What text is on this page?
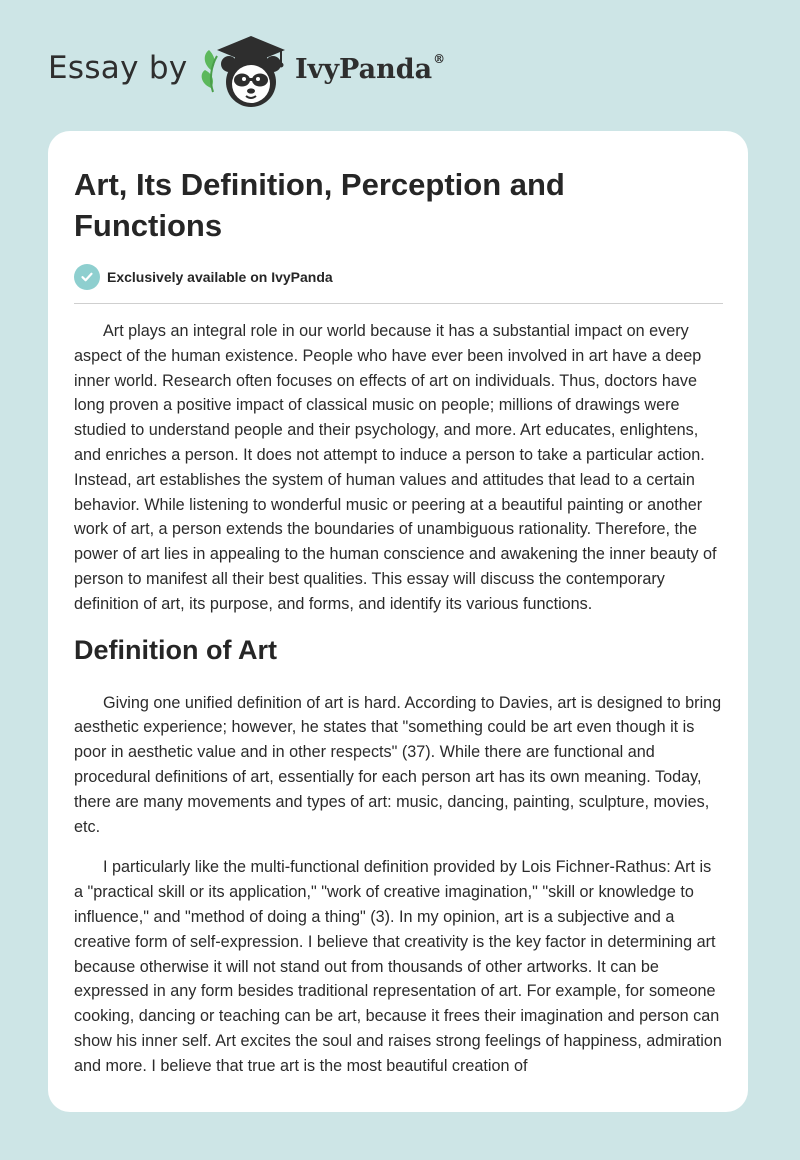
Essay by	IvyPanda®
Art, Its Definition, Perception and Functions
Exclusively available on IvyPanda

Art plays an integral role in our world because it has a substantial impact on every aspect of the human existence. People who have ever been involved in art have a deep inner world. Research often focuses on effects of art on individuals. Thus, doctors have long proven a positive impact of classical music on people; millions of drawings were studied to understand people and their psychology, and more. Art educates, enlightens, and enriches a person. It does not attempt to induce a person to take a particular action. Instead, art establishes the system of human values and attitudes that lead to a certain behavior. While listening to wonderful music or peering at a beautiful painting or another work of art, a person extends the boundaries of unambiguous rationality. Therefore, the power of art lies in appealing to the human conscience and awakening the inner beauty of person to manifest all their best qualities. This essay will discuss the contemporary definition of art, its purpose, and forms, and identify its various functions.

Definition of Art

Giving one unified definition of art is hard. According to Davies, art is designed to bring aesthetic experience; however, he states that "something could be art even though it is poor in aesthetic value and in other respects" (37). While there are functional and procedural definitions of art, essentially for each person art has its own meaning. Today, there are many movements and types of art: music, dancing, painting, sculpture, movies, etc.

I particularly like the multi-functional definition provided by Lois Fichner-Rathus: Art is a "practical skill or its application," "work of creative imagination," "skill or knowledge to influence," and "method of doing a thing" (3). In my opinion, art is a subjective and a creative form of self-expression. I believe that creativity is the key factor in determining art because otherwise it will not stand out from thousands of other artworks. It can be expressed in any form besides traditional representation of art. For example, for someone cooking, dancing or teaching can be art, because it frees their imagination and person can show his inner self. Art excites the soul and raises strong feelings of happiness, admiration and more. I believe that true art is the most beautiful creation of
